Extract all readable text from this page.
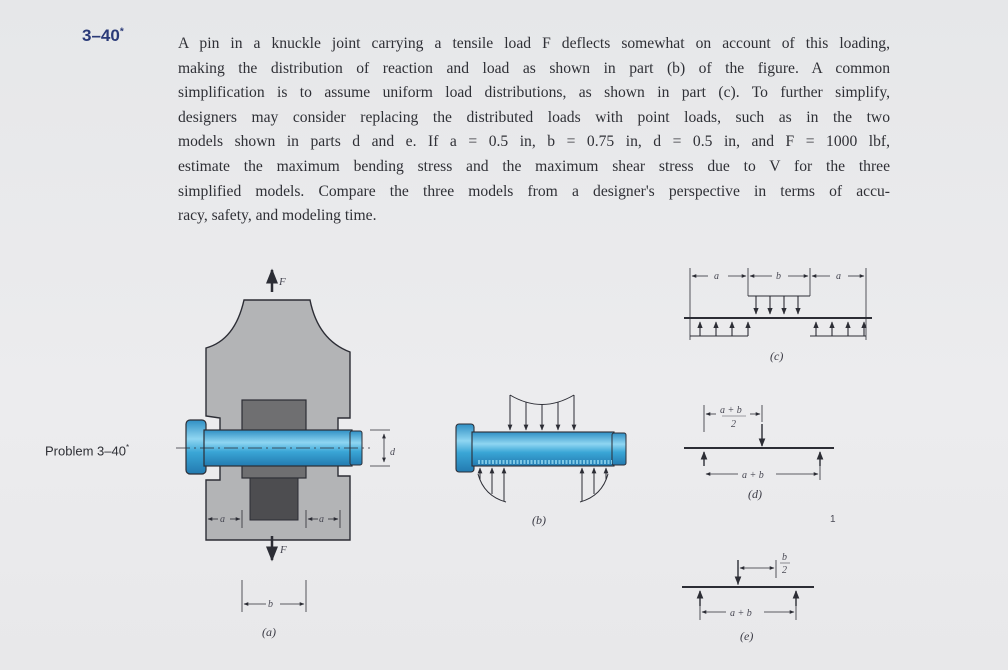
3–40*
A pin in a knuckle joint carrying a tensile load F deflects somewhat on account of this loading,
making the distribution of reaction and load as shown in part (b) of the figure. A common
simplification is to assume uniform load distributions, as shown in part (c). To further simplify,
designers may consider replacing the distributed loads with point loads, such as in the two
models shown in parts d and e. If a = 0.5 in, b = 0.75 in, d = 0.5 in, and F = 1000 lbf,
estimate the maximum bending stress and the maximum shear stress due to V for the three
simplified models. Compare the three models from a designer's perspective in terms of accu-
racy, safety, and modeling time.
Problem 3–40*
F
d
a	a
F
b
(a)
(b)
a	b	a
(c)
a + b
2
a + b
(d)
1
b
2
a + b
(e)
